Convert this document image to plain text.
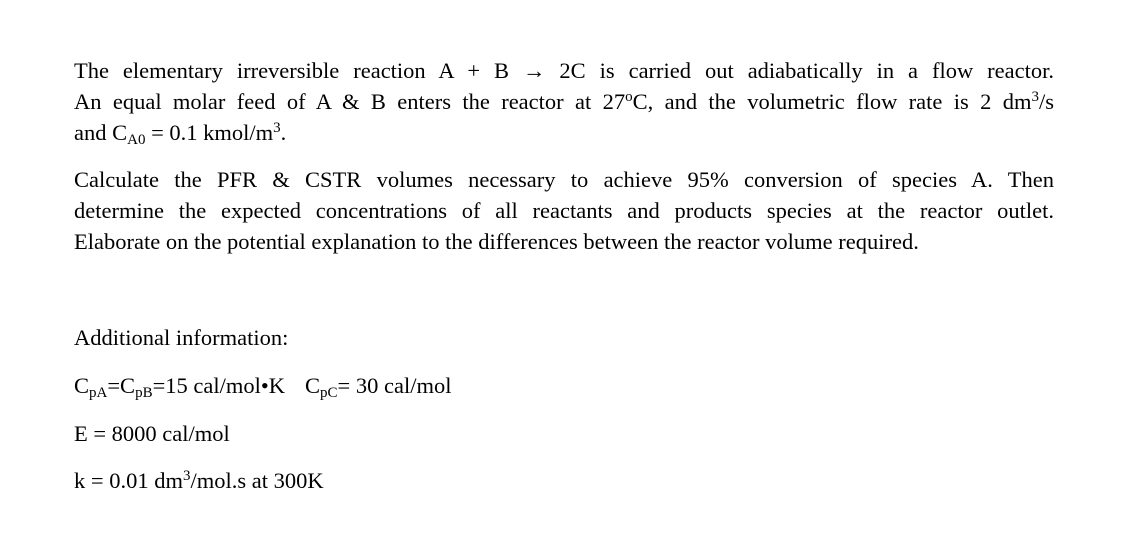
The elementary irreversible reaction A + B → 2C is carried out adiabatically in a flow reactor.
An equal molar feed of A & B enters the reactor at 27$^o$C, and the volumetric flow rate is 2 $dm^3/s$
and $C_{A0} = 0.1$ kmol/$m^3$.

Calculate the PFR & CSTR volumes necessary to achieve 95% conversion of species A. Then
determine the expected concentrations of all reactants and products species at the reactor outlet.
Elaborate on the potential explanation to the differences between the reactor volume required.

Additional information:

$C_{pA}=C_{pB}=15$ cal/mol•K $C_{pC}= 30$ cal/mol

E = 8000 cal/mol

k = 0.01 $dm^3/mol.s$ at 300K
